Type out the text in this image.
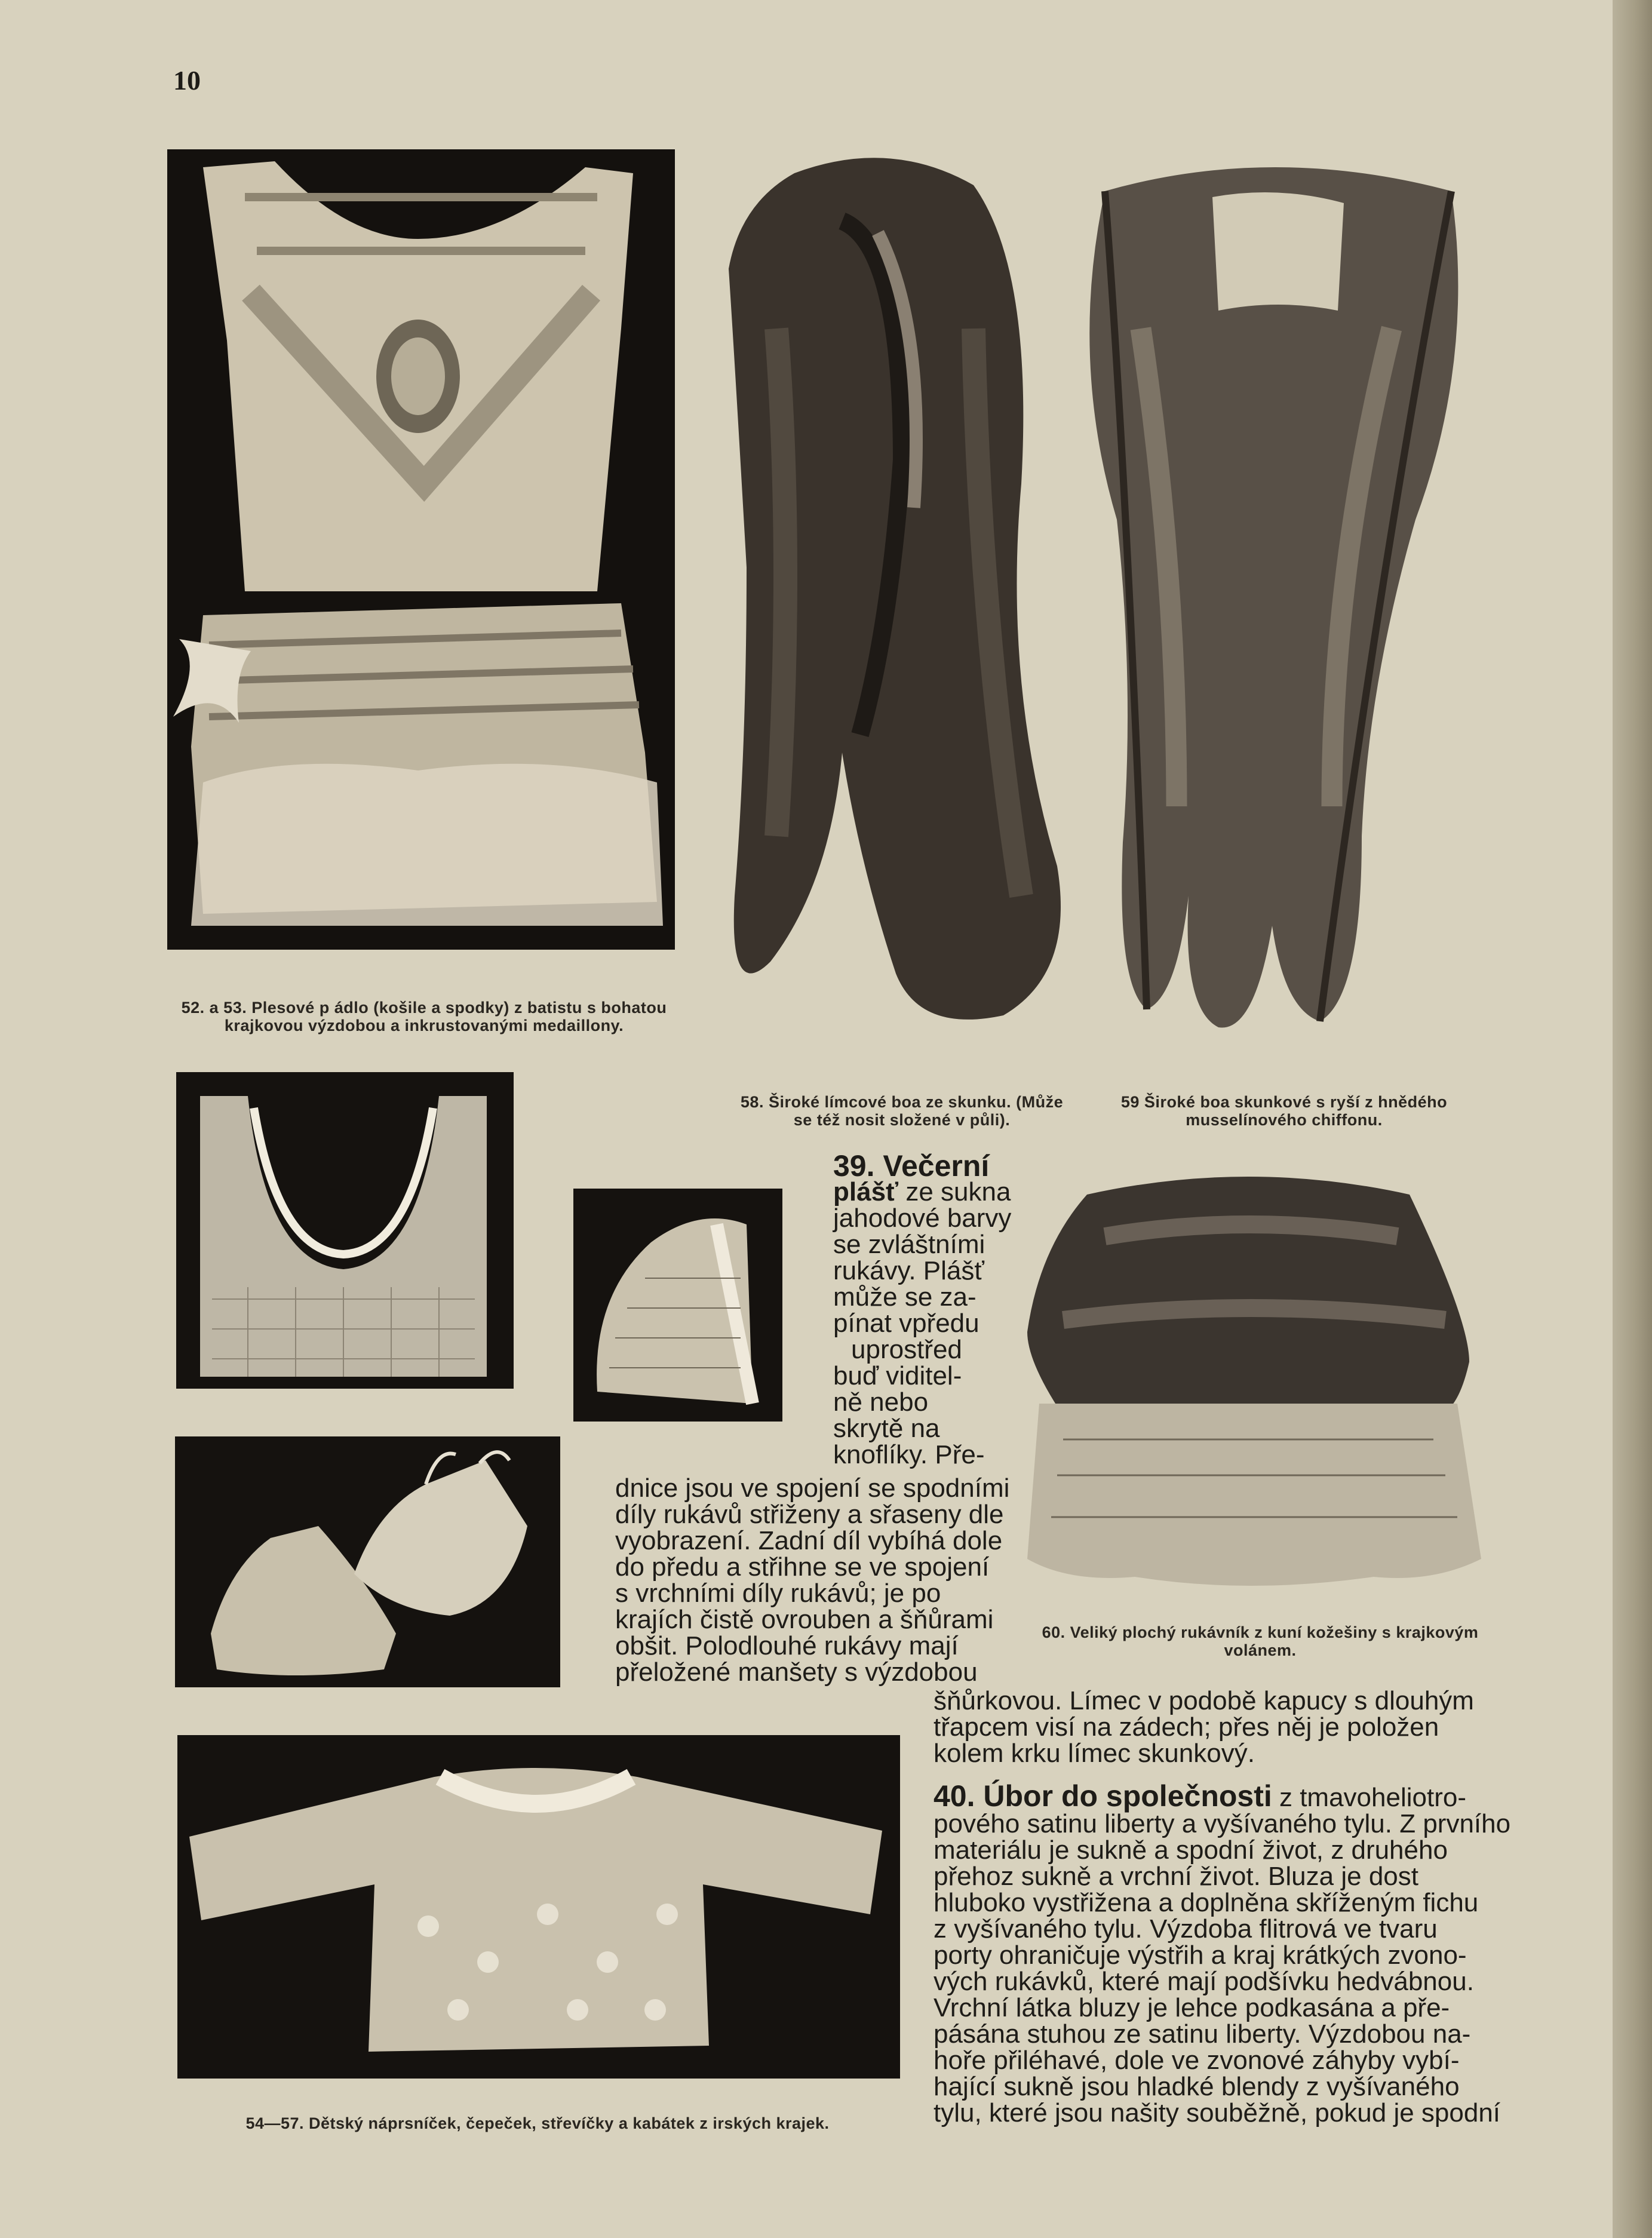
10
52. a 53. Plesové p ádlo (košile a spodky) z batistu s bohatou
krajkovou výzdobou a inkrustovanými medaillony.
58. Široké límcové boa ze skunku. (Může
se též nosit složené v půli).
59 Široké boa skunkové s ryší z hnědého
musselínového chiffonu.
54—57. Dětský náprsníček, čepeček, střevíčky a kabátek z irských krajek.
60. Veliký plochý rukávník z kuní kožešiny s krajkovým
volánem.
39. Večerní
plášť ze sukna
jahodové barvy
se zvláštními
rukávy. Plášť
může se za-
pínat vpředu
uprostřed
buď viditel-
ně nebo
skrytě na
knoflíky. Pře-
dnice jsou ve spojení se spodními
díly rukávů střiženy a sřaseny dle
vyobrazení. Zadní díl vybíhá dole
do předu a střihne se ve spojení
s vrchními díly rukávů; je po
krajích čistě ovrouben a šňůrami
obšit. Polodlouhé rukávy mají
přeložené manšety s výzdobou
šňůrkovou. Límec v podobě kapucy s dlouhým
třapcem visí na zádech; přes něj je položen
kolem krku límec skunkový.
40. Úbor do společnosti z tmavoheliotro-
pového satinu liberty a vyšívaného tylu. Z prvního
materiálu je sukně a spodní život, z druhého
přehoz sukně a vrchní život. Bluza je dost
hluboko vystřižena a doplněna skříženým fichu
z vyšívaného tylu. Výzdoba flitrová ve tvaru
porty ohraničuje výstřih a kraj krátkých zvono-
vých rukávků, které mají podšívku hedvábnou.
Vrchní látka bluzy je lehce podkasána a pře-
pásána stuhou ze satinu liberty. Výzdobou na-
hoře přiléhavé, dole ve zvonové záhyby vybí-
hající sukně jsou hladké blendy z vyšívaného
tylu, které jsou našity souběžně, pokud je spodní
